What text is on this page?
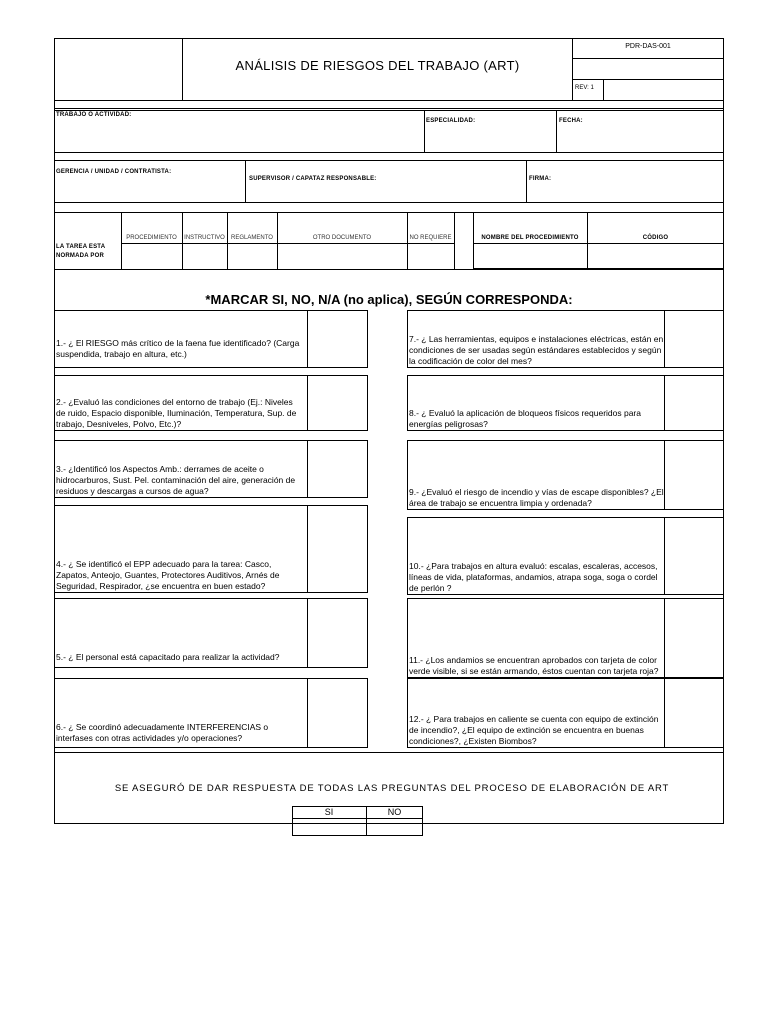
ANÁLISIS DE RIESGOS DEL TRABAJO (ART)
PDR-DAS-001
REV: 1
TRABAJO O ACTIVIDAD:
ESPECIALIDAD:	FECHA:
GERENCIA / UNIDAD / CONTRATISTA:
SUPERVISOR / CAPATAZ RESPONSABLE:	FIRMA:
LA TAREA ESTA NORMADA POR
PROCEDIMIENTO	INSTRUCTIVO	REGLAMENTO	OTRO DOCUMENTO	NO REQUIERE	NOMBRE DEL PROCEDIMIENTO	CÓDIGO
*MARCAR SI, NO, N/A (no aplica), SEGÚN CORRESPONDA:
1.- ¿ El RIESGO más crítico de la faena fue identificado? (Carga suspendida, trabajo en altura, etc.)
2.- ¿Evaluó las condiciones del entorno de trabajo (Ej.: Niveles de ruido, Espacio disponible, Iluminación, Temperatura, Sup. de trabajo, Desniveles, Polvo, Etc.)?
3.- ¿Identificó los Aspectos Amb.: derrames de aceite o hidrocarburos, Sust. Pel. contaminación del aire, generación de residuos y descargas a cursos de agua?
4.- ¿ Se identificó el EPP adecuado para la tarea: Casco, Zapatos, Anteojo, Guantes, Protectores Auditivos, Arnés de Seguridad, Respirador, ¿se encuentra en buen estado?
5.- ¿ El personal está capacitado para realizar la actividad?
6.- ¿ Se coordinó adecuadamente INTERFERENCIAS o interfases con otras actividades y/o operaciones?
7.- ¿ Las herramientas, equipos e instalaciones eléctricas, están en condiciones de ser usadas según estándares establecidos y según la codificación de color del mes?
8.- ¿ Evaluó la aplicación de bloqueos físicos requeridos para energías peligrosas?
9.- ¿Evaluó el riesgo de incendio y vías de escape disponibles? ¿El área de trabajo se encuentra limpia y ordenada?
10.- ¿Para trabajos en altura evaluó: escalas, escaleras, accesos, líneas de vida, plataformas, andamios, atrapa soga, soga o cordel de perlón ?
11.- ¿Los andamios se encuentran aprobados con tarjeta de color verde visible, si se están armando, éstos cuentan con tarjeta roja?
12.- ¿ Para trabajos en caliente se cuenta con equipo de extinción de incendio?, ¿El equipo de extinción se encuentra en buenas condiciones?, ¿Existen Biombos?
SE ASEGURÓ DE DAR RESPUESTA DE TODAS LAS PREGUNTAS DEL PROCESO DE ELABORACIÓN DE ART
SI	NO
